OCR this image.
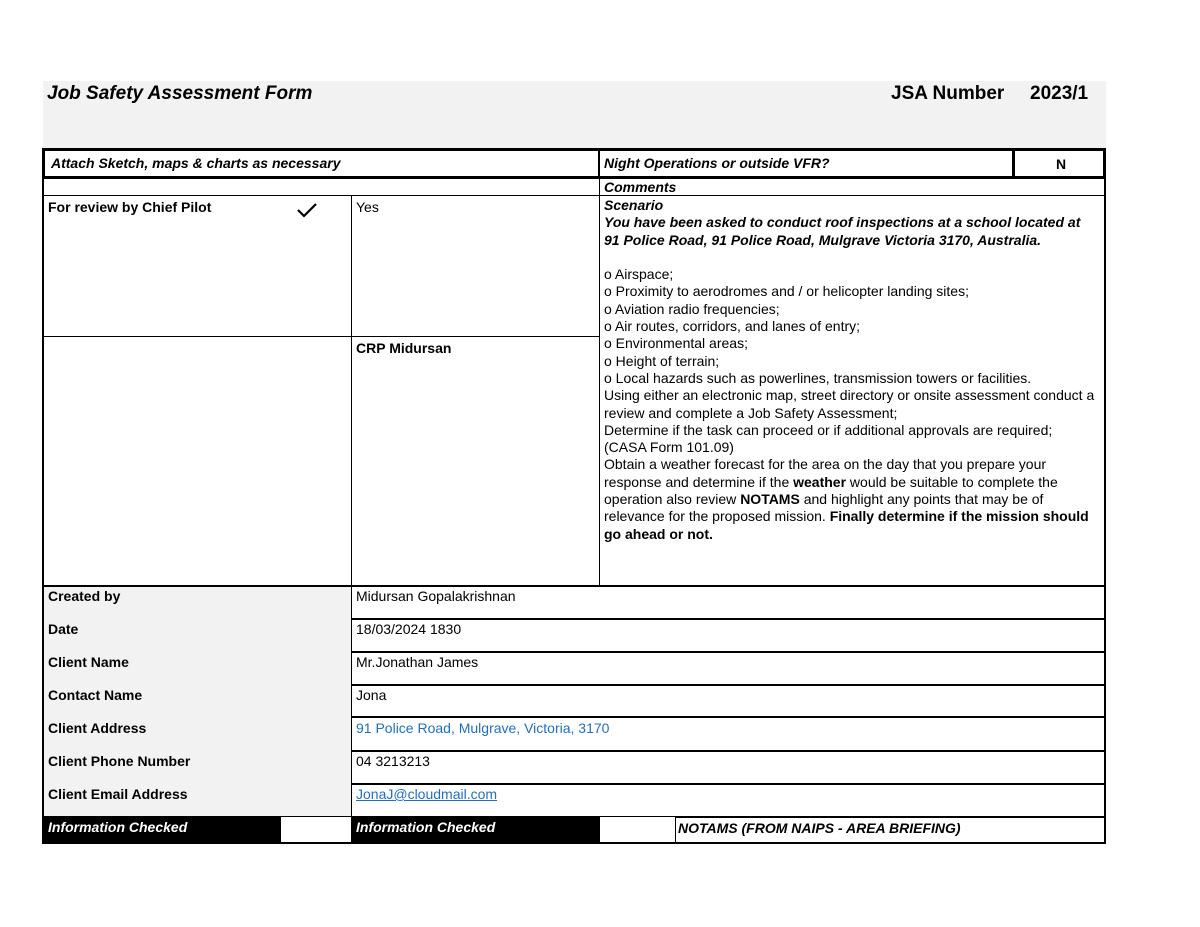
Job Safety Assessment Form	JSA Number 2023/1
Attach Sketch, maps & charts as necessary	Night Operations or outside VFR?	N
Comments
For review by Chief Pilot	Yes
CRP Midursan

Scenario

You have been asked to conduct roof inspections at a school located at

91 Police Road, 91 Police Road, Mulgrave Victoria 3170, Australia.

o Airspace;

o Proximity to aerodromes and / or helicopter landing sites;

o Aviation radio frequencies;

o Air routes, corridors, and lanes of entry;

o Environmental areas;

o Height of terrain;

o Local hazards such as powerlines, transmission towers or facilities.

Using either an electronic map, street directory or onsite assessment conduct a

review and complete a Job Safety Assessment;

Determine if the task can proceed or if additional approvals are required;

(CASA Form 101.09)

Obtain a weather forecast for the area on the day that you prepare your

response and determine if the weather would be suitable to complete the

operation also review NOTAMS and highlight any points that may be of

relevance for the proposed mission. Finally determine if the mission should

go ahead or not.

Created by	Midursan Gopalakrishnan
Date	18/03/2024 1830
Client Name	Mr.Jonathan James
Contact Name	Jona
Client Address	91 Police Road, Mulgrave, Victoria, 3170
Client Phone Number	04 3213213
Client Email Address	JonaJ@cloudmail.com
Information Checked	Information Checked	NOTAMS (FROM NAIPS - AREA BRIEFING)
